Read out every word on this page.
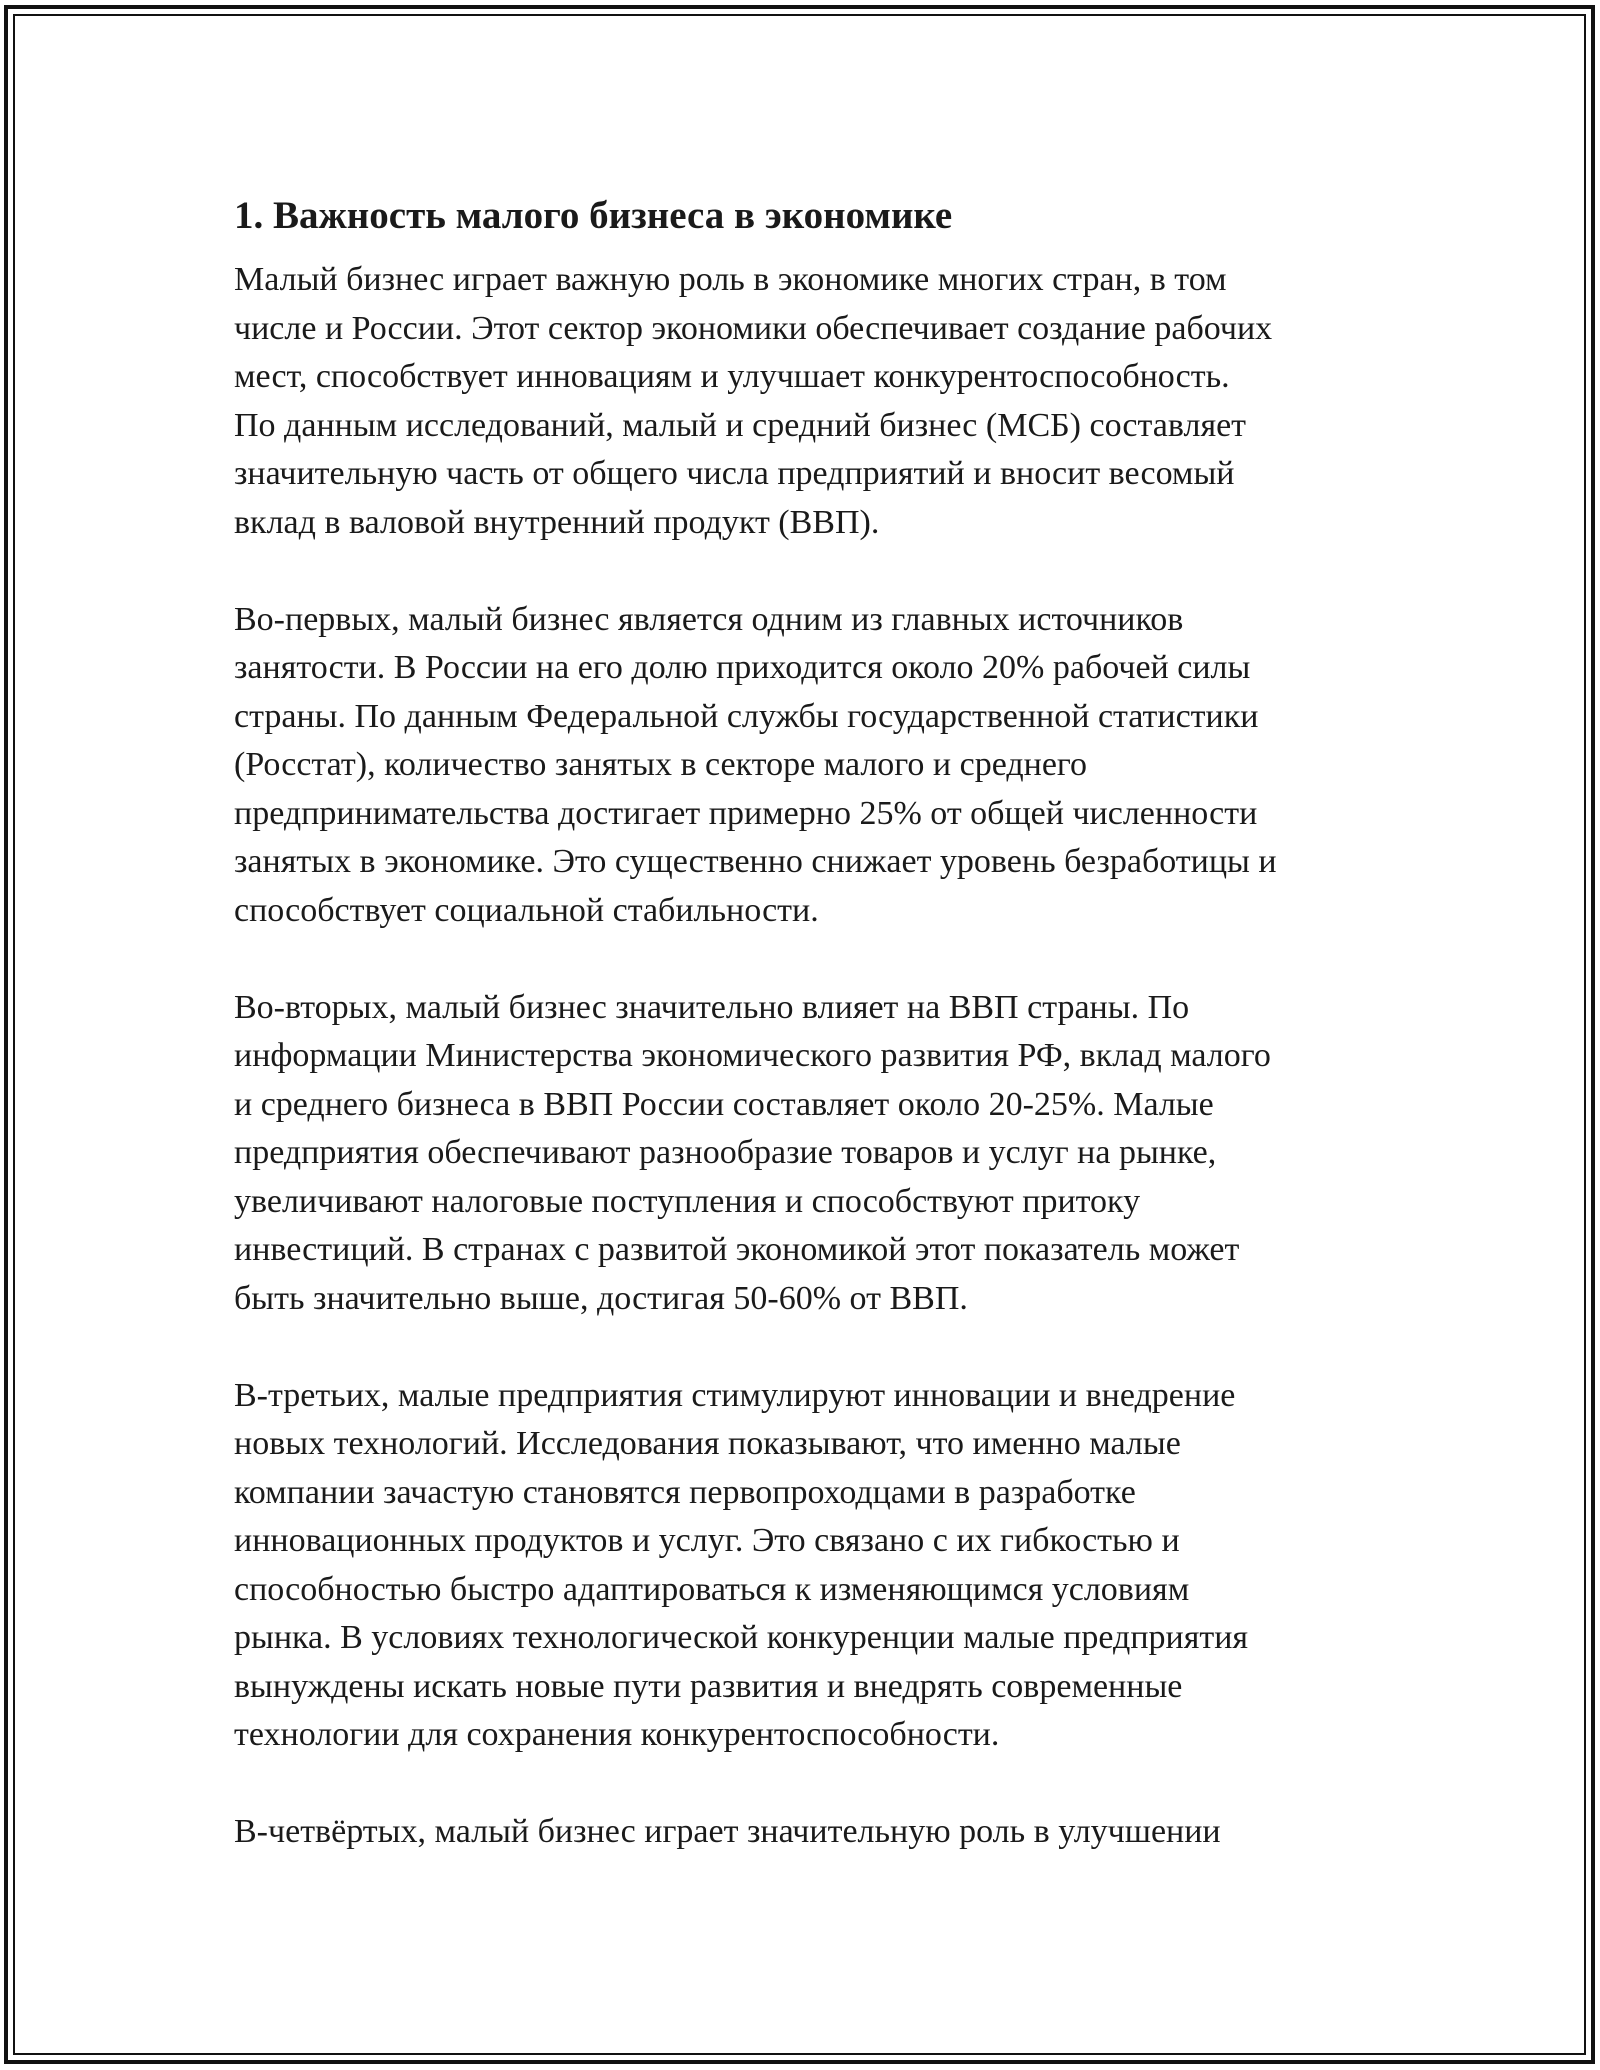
1. Важность малого бизнеса в экономике
Малый бизнес играет важную роль в экономике многих стран, в том
числе и России. Этот сектор экономики обеспечивает создание рабочих
мест, способствует инновациям и улучшает конкурентоспособность.
По данным исследований, малый и средний бизнес (МСБ) составляет
значительную часть от общего числа предприятий и вносит весомый
вклад в валовой внутренний продукт (ВВП).
Во-первых, малый бизнес является одним из главных источников
занятости. В России на его долю приходится около 20% рабочей силы
страны. По данным Федеральной службы государственной статистики
(Росстат), количество занятых в секторе малого и среднего
предпринимательства достигает примерно 25% от общей численности
занятых в экономике. Это существенно снижает уровень безработицы и
способствует социальной стабильности.
Во-вторых, малый бизнес значительно влияет на ВВП страны. По
информации Министерства экономического развития РФ, вклад малого
и среднего бизнеса в ВВП России составляет около 20-25%. Малые
предприятия обеспечивают разнообразие товаров и услуг на рынке,
увеличивают налоговые поступления и способствуют притоку
инвестиций. В странах с развитой экономикой этот показатель может
быть значительно выше, достигая 50-60% от ВВП.
В-третьих, малые предприятия стимулируют инновации и внедрение
новых технологий. Исследования показывают, что именно малые
компании зачастую становятся первопроходцами в разработке
инновационных продуктов и услуг. Это связано с их гибкостью и
способностью быстро адаптироваться к изменяющимся условиям
рынка. В условиях технологической конкуренции малые предприятия
вынуждены искать новые пути развития и внедрять современные
технологии для сохранения конкурентоспособности.
В-четвёртых, малый бизнес играет значительную роль в улучшении
